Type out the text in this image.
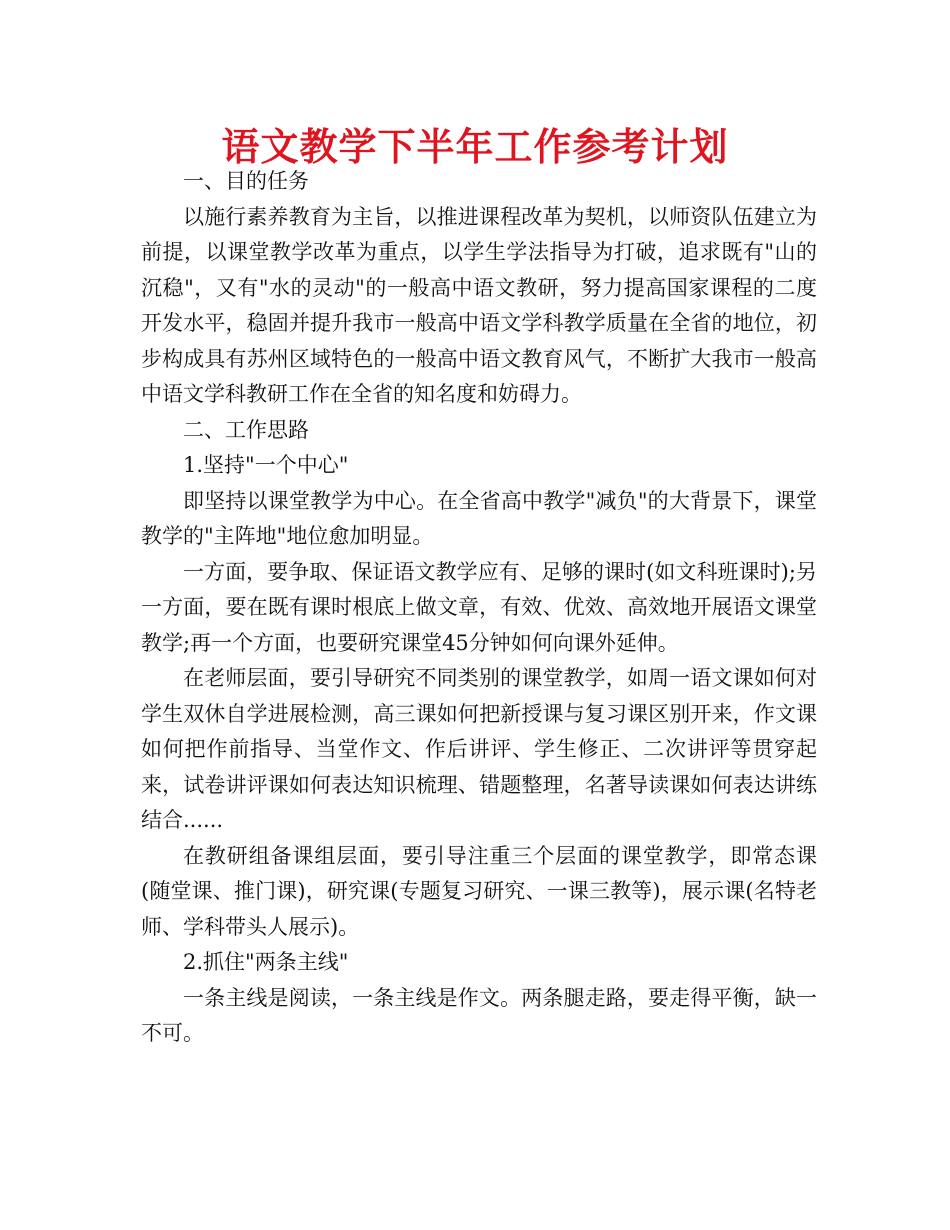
语文教学下半年工作参考计划

一、目的任务

以施行素养教育为主旨，以推进课程改革为契机，以师资队伍建立为前提，以课堂教学改革为重点，以学生学法指导为打破，追求既有"山的沉稳"，又有"水的灵动"的一般高中语文教研，努力提高国家课程的二度开发水平，稳固并提升我市一般高中语文学科教学质量在全省的地位，初步构成具有苏州区域特色的一般高中语文教育风气，不断扩大我市一般高中语文学科教研工作在全省的知名度和妨碍力。

二、工作思路

1.坚持"一个中心"

即坚持以课堂教学为中心。在全省高中教学"减负"的大背景下，课堂教学的"主阵地"地位愈加明显。

一方面，要争取、保证语文教学应有、足够的课时(如文科班课时);另一方面，要在既有课时根底上做文章，有效、优效、高效地开展语文课堂教学;再一个方面，也要研究课堂45分钟如何向课外延伸。

在老师层面，要引导研究不同类别的课堂教学，如周一语文课如何对学生双休自学进展检测，高三课如何把新授课与复习课区别开来，作文课如何把作前指导、当堂作文、作后讲评、学生修正、二次讲评等贯穿起来，试卷讲评课如何表达知识梳理、错题整理，名著导读课如何表达讲练结合......

在教研组备课组层面，要引导注重三个层面的课堂教学，即常态课(随堂课、推门课)，研究课(专题复习研究、一课三教等)，展示课(名特老师、学科带头人展示)。

2.抓住"两条主线"

一条主线是阅读，一条主线是作文。两条腿走路，要走得平衡，缺一不可。
